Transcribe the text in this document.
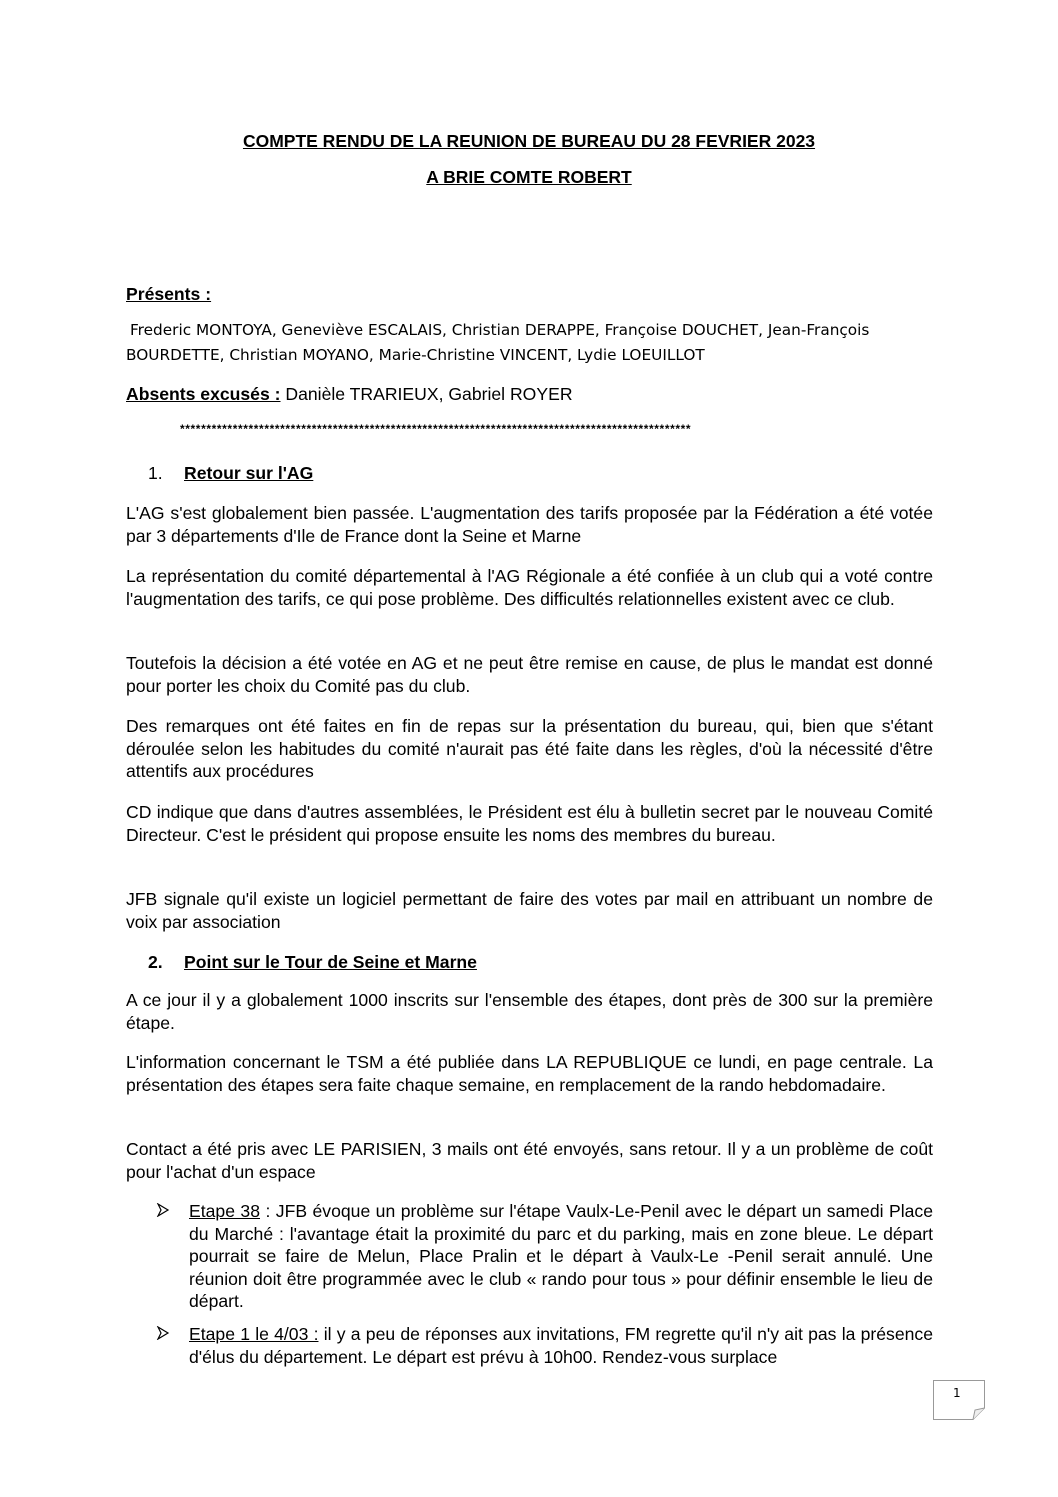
COMPTE RENDU DE LA REUNION DE BUREAU DU 28 FEVRIER 2023
A BRIE COMTE ROBERT
Présents :
Frederic MONTOYA, Geneviève ESCALAIS, Christian DERAPPE, Françoise DOUCHET, Jean-François
BOURDETTE, Christian MOYANO, Marie-Christine VINCENT, Lydie LOEUILLOT
Absents excusés : Danièle TRARIEUX, Gabriel ROYER
*************************************************************************************************
1. Retour sur l'AG
L'AG s'est globalement bien passée. L'augmentation des tarifs proposée par la Fédération a été votée par 3 départements d'Ile de France dont la Seine et Marne
La représentation du comité départemental à l'AG Régionale a été confiée à un club qui a voté contre l'augmentation des tarifs, ce qui pose problème. Des difficultés relationnelles existent avec ce club.
Toutefois la décision a été votée en AG et ne peut être remise en cause, de plus le mandat est donné pour porter les choix du Comité pas du club.
Des remarques ont été faites en fin de repas sur la présentation du bureau, qui, bien que s'étant déroulée selon les habitudes du comité n'aurait pas été faite dans les règles, d'où la nécessité d'être attentifs aux procédures
CD indique que dans d'autres assemblées, le Président est élu à bulletin secret par le nouveau Comité Directeur. C'est le président qui propose ensuite les noms des membres du bureau.
JFB signale qu'il existe un logiciel permettant de faire des votes par mail en attribuant un nombre de voix par association
2. Point sur le Tour de Seine et Marne
A ce jour il y a globalement 1000 inscrits sur l'ensemble des étapes, dont près de 300 sur la première étape.
L'information concernant le TSM a été publiée dans LA REPUBLIQUE ce lundi, en page centrale. La présentation des étapes sera faite chaque semaine, en remplacement de la rando hebdomadaire.
Contact a été pris avec LE PARISIEN, 3 mails ont été envoyés, sans retour. Il y a un problème de coût pour l'achat d'un espace
Etape 38 : JFB évoque un problème sur l'étape Vaulx-Le-Penil avec le départ un samedi Place du Marché : l'avantage était la proximité du parc et du parking, mais en zone bleue. Le départ pourrait se faire de Melun, Place Pralin et le départ à Vaulx-Le -Penil serait annulé. Une réunion doit être programmée avec le club « rando pour tous » pour définir ensemble le lieu de départ.
Etape 1 le 4/03 : il y a peu de réponses aux invitations, FM regrette qu'il n'y ait pas la présence d'élus du département. Le départ est prévu à 10h00. Rendez-vous surplace
1
